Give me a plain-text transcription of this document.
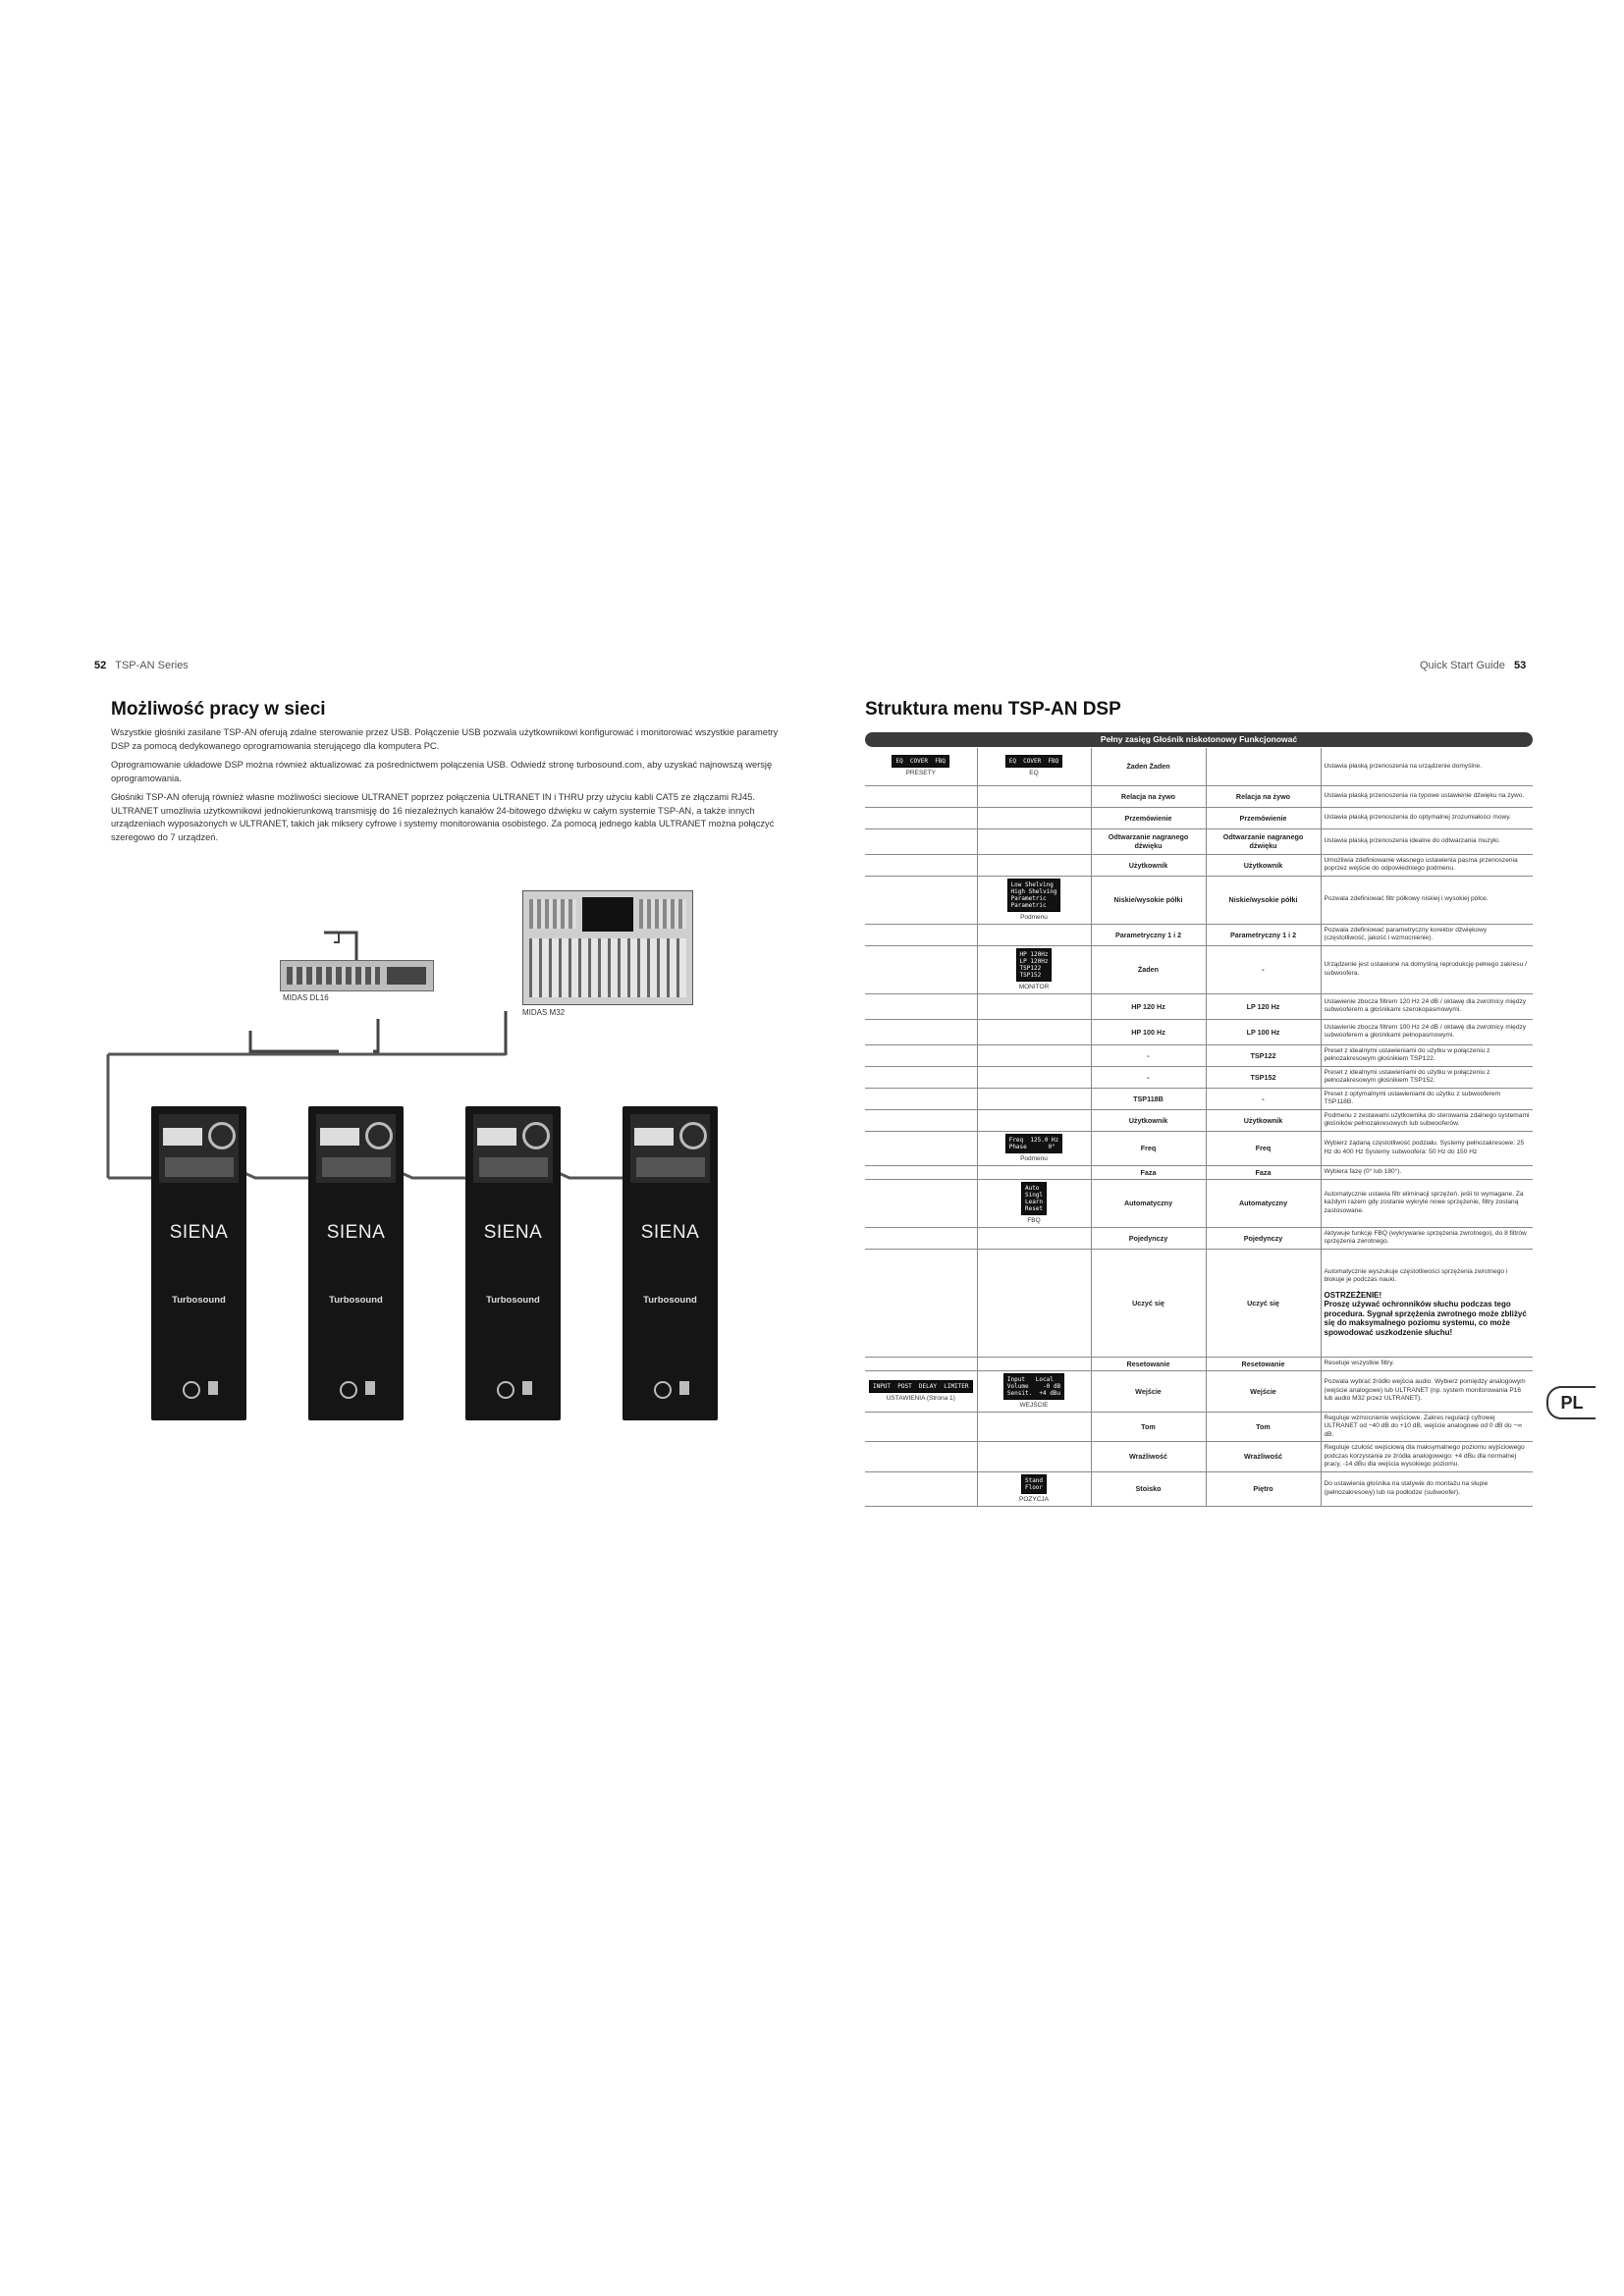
52 TSP-AN Series
Możliwość pracy w sieci

Wszystkie głośniki zasilane TSP-AN oferują zdalne sterowanie przez USB. Połączenie USB pozwala użytkownikowi konfigurować i monitorować wszystkie parametry DSP za pomocą dedykowanego oprogramowania sterującego dla komputera PC.

Oprogramowanie układowe DSP można również aktualizować za pośrednictwem połączenia USB. Odwiedź stronę turbosound.com, aby uzyskać najnowszą wersję oprogramowania.

Głośniki TSP-AN oferują również własne możliwości sieciowe ULTRANET poprzez połączenia ULTRANET IN i THRU przy użyciu kabli CAT5 ze złączami RJ45. ULTRANET umożliwia użytkownikowi jednokierunkową transmisję do 16 niezależnych kanałów 24-bitowego dźwięku w całym systemie TSP-AN, a także innych urządzeniach wyposażonych w ULTRANET, takich jak miksery cyfrowe i systemy monitorowania osobistego. Za pomocą jednego kabla ULTRANET można połączyć szeregowo do 7 urządzeń.

MIDAS DL16
MIDAS M32
SIENA
Turbosound
SIENA
Turbosound
SIENA
Turbosound
SIENA
Turbosound
Quick Start Guide 53
Struktura menu TSP-AN DSP
Pełny zasięg Głośnik niskotonowy Funkcjonować
EQ  COVER  FBQ
PRESETY	EQ  COVER  FBQ
EQ	Żaden Żaden		Ustawia płaską przenoszenia na urządzenie domyślne.

		Relacja na żywo	Relacja na żywo	Ustawia płaską przenoszenia na typowe ustawienie dźwięku na żywo.

		Przemówienie	Przemówienie	Ustawia płaską przenoszenia do optymalnej zrozumiałości mowy.

		Odtwarzanie nagranego dźwięku	Odtwarzanie nagranego dźwięku	Ustawia płaską przenoszenia idealne do odtwarzania muzyki.

		Użytkownik	Użytkownik	Umożliwia zdefiniowanie własnego ustawienia pasma przenoszenia poprzez wejście do odpowiedniego podmenu.

	Low Shelving
High Shelving
Parametric
Parametric
Podmenu	Niskie/wysokie półki	Niskie/wysokie półki	Pozwala zdefiniować filtr półkowy niskiej i wysokiej półce.

		Parametryczny 1 i 2	Parametryczny 1 i 2	Pozwala zdefiniować parametryczny korektor dźwiękowy (częstotliwość, jakość i wzmocnienie).

	HP 120Hz
LP 120Hz
TSP122
TSP152
MONITOR	Żaden	-	Urządzenie jest ustawione na domyślną reprodukcję pełnego zakresu / subwoofera.

		HP 120 Hz	LP 120 Hz	Ustawienie zbocza filtrem 120 Hz 24 dB / oktawę dla zwrotnicy między subwooferem a głośnikami szerokopasmowymi.

		HP 100 Hz	LP 100 Hz	Ustawienie zbocza filtrem 100 Hz 24 dB / oktawę dla zwrotnicy między subwooferem a głośnikami pełnopasmowymi.

		-	TSP122	Preset z idealnymi ustawieniami do użytku w połączeniu z pełnozakresowym głośnikiem TSP122.

		-	TSP152	Preset z idealnymi ustawieniami do użytku w połączeniu z pełnozakresowym głośnikiem TSP152.

		TSP118B	-	Preset z optymalnymi ustawieniami do użytku z subwooferem TSP118B.

		Użytkownik	Użytkownik	Podmenu z zestawami użytkownika do sterowania zdalnego systemami głośników pełnozakresowych lub subwooferów.

	Freq  125.0 Hz
Phase      0°
Podmenu	Freq	Freq	Wybierz żądaną częstotliwość podziału. Systemy pełnozakresowe: 25 Hz do 400 Hz Systemy subwoofera: 50 Hz do 150 Hz

		Faza	Faza	Wybiera fazę (0° lub 180°).

	Auto
Singl
Learn
Reset
FBQ	Automatyczny	Automatyczny	Automatycznie ustawia filtr eliminacji sprzężeń, jeśli to wymagane. Za każdym razem gdy zostanie wykryte nowe sprzężenie, filtry zostaną zastosowane.

		Pojedynczy	Pojedynczy	Aktywuje funkcję FBQ (wykrywanie sprzężenia zwrotnego), do 8 filtrów sprzężenia zwrotnego.

		Uczyć się	Uczyć się	Automatycznie wyszukuje częstotliwości sprzężenia zwrotnego i blokuje je podczas nauki.
OSTRZEŻENIE!
Proszę używać ochronników słuchu podczas tego procedura. Sygnał sprzężenia zwrotnego może zbliżyć się do maksymalnego poziomu systemu, co może spowodować uszkodzenie słuchu!

		Resetowanie	Resetowanie	Resetuje wszystkie filtry.

INPUT  POST  DELAY  LIMITER
USTAWIENIA (Strona 1)	Input   Local
Volume    -0 dB
Sensit.  +4 dBu
WEJŚCIE	Wejście	Wejście	Pozwala wybrać źródło wejścia audio. Wybierz pomiędzy analogowym (wejście analogowe) lub ULTRANET (np. system monitorowania P16 lub audio M32 przez ULTRANET).

		Tom	Tom	Reguluje wzmocnienie wejściowe. Zakres regulacji cyfrowej ULTRANET od −40 dB do +10 dB, wejście analogowe od 0 dB do −∞ dB.

		Wrażliwość	Wrażliwość	Reguluje czułość wejściową dla maksymalnego poziomu wyjściowego podczas korzystania ze źródła analogowego: +4 dBu dla normalnej pracy, -14 dBu dla wejścia wysokiego poziomu.

	Stand
Floor
POZYCJA	Stoisko	Piętro	Do ustawienia głośnika na statywie do montażu na słupie (pełnozakresowy) lub na podłodze (subwoofer).
PL
